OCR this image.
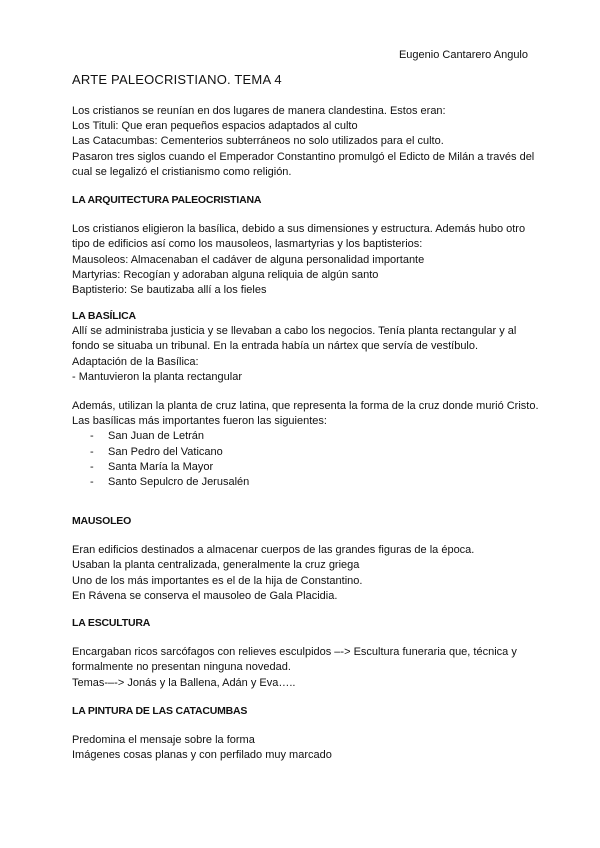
Eugenio Cantarero Angulo
ARTE PALEOCRISTIANO. TEMA 4

Los cristianos se reunían en dos lugares de manera clandestina. Estos eran:

Los Tituli: Que eran pequeños espacios adaptados al culto

Las Catacumbas: Cementerios subterráneos no solo utilizados para el culto.

Pasaron tres siglos cuando el Emperador Constantino promulgó el Edicto de Milán a través del cual se legalizó el cristianismo como religión.

LA ARQUITECTURA PALEOCRISTIANA

Los cristianos eligieron la basílica, debido a sus dimensiones y estructura. Además hubo otro tipo de edificios así como los mausoleos, lasmartyrias y los baptisterios:

Mausoleos: Almacenaban el cadáver de alguna personalidad importante

Martyrias: Recogían y adoraban alguna reliquia de algún santo

Baptisterio: Se bautizaba allí a los fieles

LA BASÍLICA

Allí se administraba justicia y se llevaban a cabo los negocios. Tenía planta rectangular y al fondo se situaba un tribunal. En la entrada había un nártex que servía de vestíbulo.

Adaptación de la Basílica:

- Mantuvieron la planta rectangular

Además, utilizan la planta de cruz latina, que representa la forma de la cruz donde murió Cristo.

Las basílicas más importantes fueron las siguientes:

- San Juan de Letrán
- San Pedro del Vaticano
- Santa María la Mayor
- Santo Sepulcro de Jerusalén

MAUSOLEO

Eran edificios destinados a almacenar cuerpos de las grandes figuras de la época.

Usaban la planta centralizada, generalmente la cruz griega

Uno de los más importantes es el de la hija de Constantino.

En Rávena se conserva el mausoleo de Gala Placidia.

LA ESCULTURA

Encargaban ricos sarcófagos con relieves esculpidos –-> Escultura funeraria que, técnica y formalmente no presentan ninguna novedad.

Temas-–-> Jonás y la Ballena, Adán y Eva…..

LA PINTURA DE LAS CATACUMBAS

Predomina el mensaje sobre la forma

Imágenes cosas planas y con perfilado muy marcado
